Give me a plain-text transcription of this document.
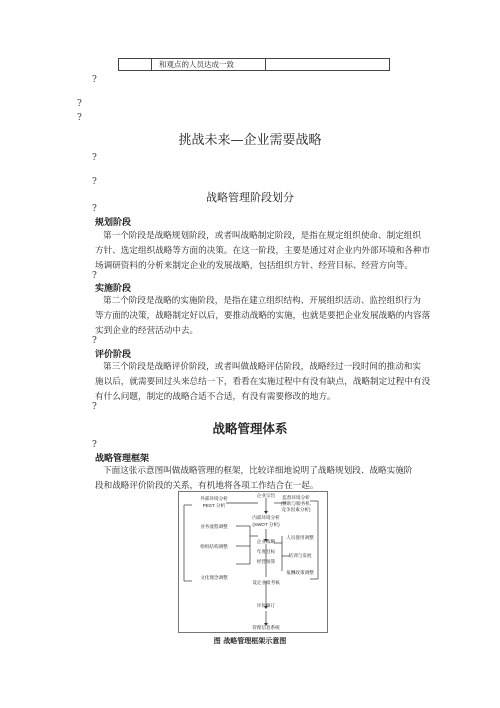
和观点的人员达成一致
?
?
?
挑战未来—企业需要战略
?
?
战略管理阶段划分
?
规划阶段
第一个阶段是战略规划阶段，或者叫战略制定阶段，是指在规定组织使命、制定组织
方针、选定组织战略等方面的决策。在这一阶段，主要是通过对企业内外部环境和各种市
场调研资料的分析来制定企业的发展战略，包括组织方针、经营目标、经营方向等。
?
实施阶段
第二个阶段是战略的实施阶段，是指在建立组织结构、开展组织活动、监控组织行为
等方面的决策，战略制定好以后，要推动战略的实施，也就是要把企业发展战略的内容落
实到企业的经营活动中去。
?
评价阶段
第三个阶段是战略评价阶段，或者叫做战略评估阶段，战略经过一段时间的推动和实
施以后，就需要回过头来总结一下，看看在实施过程中有没有缺点，战略制定过程中有没
有什么问题，制定的战略合适不合适，有没有需要修改的地方。
?
战略管理体系
?
战略管理框架
下面这张示意图叫做战略管理的框架，比较详细地说明了战略规划段、战略实施阶
段和战略评价阶段的关系，有机地将各项工作结合在一起。
外部环境分析
PEST 分析
企业宗旨
内部环境分析
(SWOT 分析)
监督环境分析
(赞助与服务机,
竞争因素分析)
业务流程调整
企业战略
组织结构调整
年度目标
经营预算
人员使用调整
培训与发展
文化理念调整
报酬政策调整
设定业绩考核
评价修订
管理信息系统
图 战略管理框架示意图
